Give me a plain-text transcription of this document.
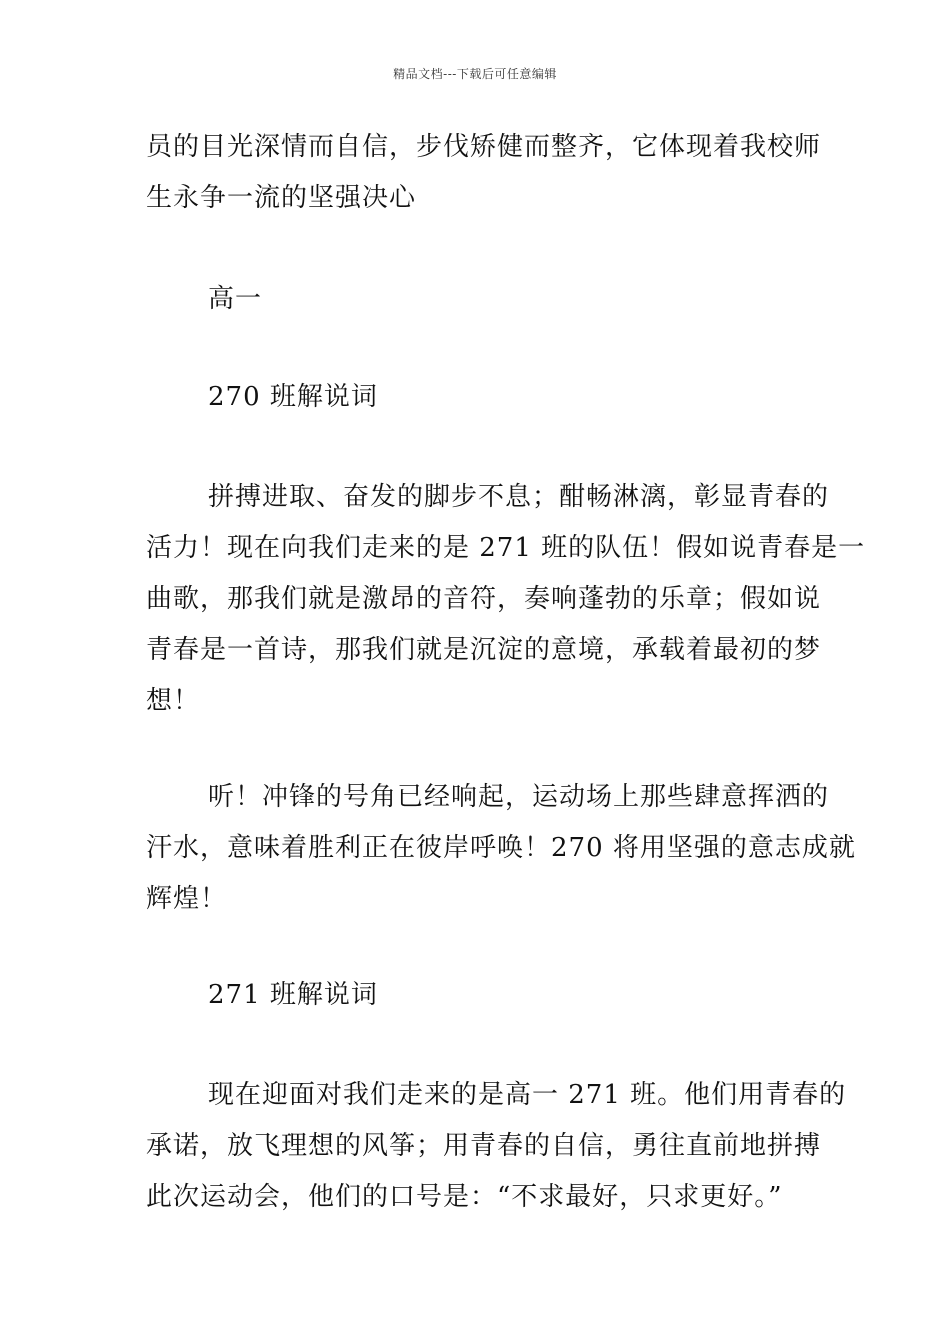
精品文档---下载后可任意编辑
员的目光深情而自信，步伐矫健而整齐，它体现着我校师
生永争一流的坚强决心
高一
270 班解说词
拼搏进取、奋发的脚步不息；酣畅淋漓，彰显青春的
活力！现在向我们走来的是 271 班的队伍！假如说青春是一
曲歌，那我们就是激昂的音符，奏响蓬勃的乐章；假如说
青春是一首诗，那我们就是沉淀的意境，承载着最初的梦
想！
听！冲锋的号角已经响起，运动场上那些肆意挥洒的
汗水，意味着胜利正在彼岸呼唤！270 将用坚强的意志成就
辉煌！
271 班解说词
现在迎面对我们走来的是高一 271 班。他们用青春的
承诺，放飞理想的风筝；用青春的自信，勇往直前地拼搏
此次运动会，他们的口号是：“不求最好，只求更好。”
